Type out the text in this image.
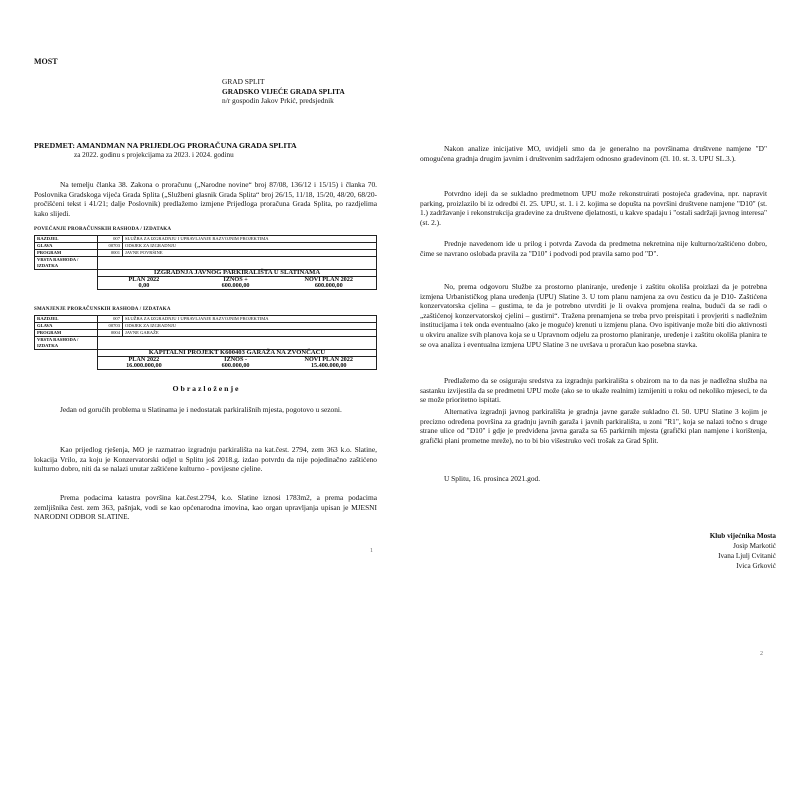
MOST
GRAD SPLIT
GRADSKO VIJEĆE GRADA SPLITA
n/r gospodin Jakov Prkić, predsjednik
PREDMET: AMANDMAN NA PRIJEDLOG PRORAČUNA GRADA SPLITA
za 2022. godinu s projekcijama za 2023. i 2024. godinu
Na temelju članka 38. Zakona o proračunu („Narodne novine“ broj 87/08, 136/12 i 15/15) i članka 70. Poslovnika Gradskoga vijeća Grada Splita („Službeni glasnik Grada Splita“ broj 26/15, 11/18, 15/20, 48/20, 68/20-pročišćeni tekst i 41/21; dalje Poslovnik) predlažemo izmjene Prijedloga proračuna Grada Splita, po razdjelima kako slijedi.
POVEĆANJE PRORAČUNSKIH RASHODA / IZDATAKA
RAZDJEL	007	SLUŽBA ZA IZGRADNJU I UPRAVLJANJE RAZVOJNIM PROJEKTIMA
GLAVA	00703	ODSJEK ZA IZGRADNJU
PROGRAM	0001	JAVNE POVRŠINE
VRSTA RASHODA / IZDATKA	
	IZGRADNJA JAVNOG PARKIRALIŠTA U SLATINAMA

PLAN 2022	IZNOS +	NOVI PLAN 2022
0,00	600.000,00	600.000,00
SMANJENJE PRORAČUNSKIH RASHODA / IZDATAKA
RAZDJEL	007	SLUŽBA ZA IZGRADNJU I UPRAVLJANJE RAZVOJNIM PROJEKTIMA
GLAVA	00703	ODSJEK ZA IZGRADNJU
PROGRAM	0004	JAVNE GARAŽE
VRSTA RASHODA / IZDATKA	
	KAPITALNI PROJEKT K600403 GARAŽA NA ZVONČACU

PLAN 2022	IZNOS -	NOVI PLAN 2022
16.000.000,00	600.000,00	15.400.000,00
O b r a z l o ž e n j e
Jedan od gorućih problema u Slatinama je i nedostatak parkirališnih mjesta, pogotovo u sezoni.
Kao prijedlog rješenja, MO je razmatrao izgradnju parkirališta na kat.čest. 2794, zem 363 k.o. Slatine, lokacija Vrilo, za koju je Konzervatorski odjel u Splitu još 2018.g. izdao potvrdu da nije pojedinačno zaštićeno kulturno dobro, niti da se nalazi unutar zaštićene kulturno - povijesne cjeline.
Prema podacima katastra površina kat.čest.2794, k.o. Slatine iznosi 1783m2, a prema podacima zemljišnika čest. zem 363, pašnjak, vodi se kao općenarodna imovina, kao organ upravljanja upisan je MJESNI NARODNI ODBOR SLATINE.
1
Nakon analize inicijative MO, uvidjeli smo da je generalno na površinama društvene namjene "D" omogućena gradnja drugim javnim i društvenim sadržajem odnosno građevinom (čl. 10. st. 3. UPU SL.3.).
Potvrdno ideji da se sukladno predmetnom UPU može rekonstruirati postojeća građevina, npr. napravit parking, proizlazilo bi iz odredbi čl. 25. UPU, st. 1. i 2. kojima se dopušta na površini društvene namjene "D10" (st. 1.) zadržavanje i rekonstrukcija građevine za društvene djelatnosti, u kakve spadaju i "ostali sadržaji javnog interesa" (st. 2.).
Prednje navedenom ide u prilog i potvrda Zavoda da predmetna nekretnina nije kulturno/zaštićeno dobro, čime se navrano oslobađa pravila za "D10" i podvodi pod pravila samo pod "D".
No, prema odgovoru Službe za prostorno planiranje, uređenje i zaštitu okoliša proizlazi da je potrebna izmjena Urbanističkog plana uređenja (UPU) Slatine 3. U tom planu namjena za ovu česticu da je D10- Zaštićena konzervatorska cjelina – gustima, te da je potrebno utvrditi je li ovakva promjena realna, budući da se radi o „zaštićenoj konzervatorskoj cjelini – gustirni“. Tražena prenamjena se treba prvo preispitati i provjeriti s nadležnim institucijama i tek onda eventualno (ako je moguće) krenuti u izmjenu plana. Ovo ispitivanje može biti dio aktivnosti u okviru analize svih planova koja se u Upravnom odjelu za prostorno planiranje, uređenje i zaštitu okoliša planira te se ova analiza i eventualna izmjena UPU Slatine 3 ne uvršava u proračun kao posebna stavka.
Predlažemo da se osiguraju sredstva za izgradnju parkirališta s obzirom na to da nas je nadležna služba na sastanku izvijestila da se predmetni UPU može (ako se to ukaže realnim) izmijeniti u roku od nekoliko mjeseci, te da se može prioritetno ispitati.
Alternativa izgradnji javnog parkirališta je gradnja javne garaže sukladno čl. 50. UPU Slatine 3 kojim je precizno određena površina za gradnju javnih garaža i javnih parkirališta, u zoni "R1", koja se nalazi točno s druge strane ulice od "D10" i gdje je predviđena javna garaža sa 65 parkirnih mjesta (grafički plan namjene i korištenja, grafički plani prometne mreže), no to bi bio višestruko veći trošak za Grad Split.
U Splitu, 16. prosinca 2021.god.
Klub vijećnika Mosta
Josip Markotić
Ivana Ljulj Cvitanić
Ivica Grković
2
